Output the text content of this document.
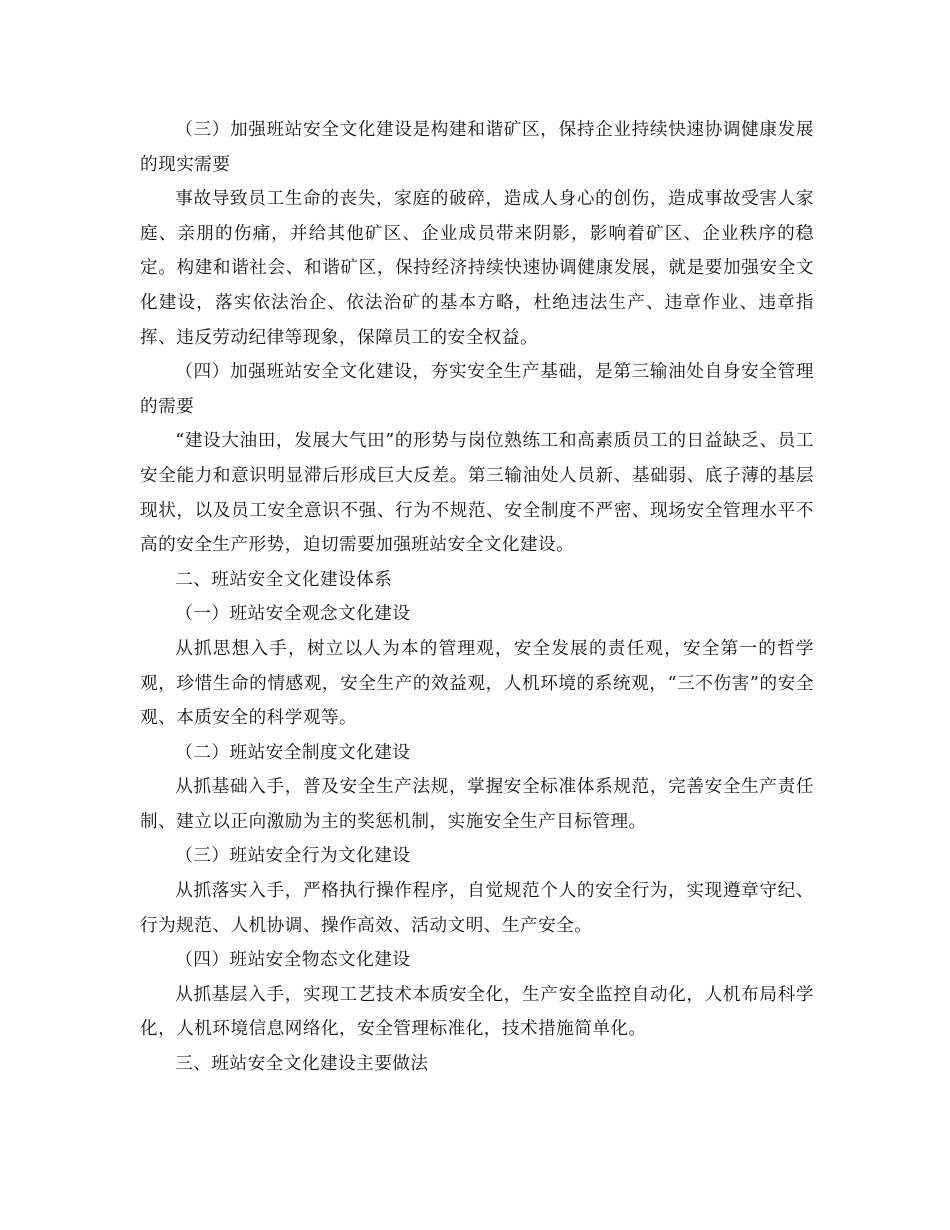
（三）加强班站安全文化建设是构建和谐矿区，保持企业持续快速协调健康发展的现实需要

事故导致员工生命的丧失，家庭的破碎，造成人身心的创伤，造成事故受害人家庭、亲朋的伤痛，并给其他矿区、企业成员带来阴影，影响着矿区、企业秩序的稳定。构建和谐社会、和谐矿区，保持经济持续快速协调健康发展，就是要加强安全文化建设，落实依法治企、依法治矿的基本方略，杜绝违法生产、违章作业、违章指挥、违反劳动纪律等现象，保障员工的安全权益。

（四）加强班站安全文化建设，夯实安全生产基础，是第三输油处自身安全管理的需要

“建设大油田，发展大气田”的形势与岗位熟练工和高素质员工的日益缺乏、员工安全能力和意识明显滞后形成巨大反差。第三输油处人员新、基础弱、底子薄的基层现状，以及员工安全意识不强、行为不规范、安全制度不严密、现场安全管理水平不高的安全生产形势，迫切需要加强班站安全文化建设。

二、班站安全文化建设体系

（一）班站安全观念文化建设

从抓思想入手，树立以人为本的管理观，安全发展的责任观，安全第一的哲学观，珍惜生命的情感观，安全生产的效益观，人机环境的系统观，“三不伤害”的安全观、本质安全的科学观等。

（二）班站安全制度文化建设

从抓基础入手，普及安全生产法规，掌握安全标准体系规范，完善安全生产责任制、建立以正向激励为主的奖惩机制，实施安全生产目标管理。

（三）班站安全行为文化建设

从抓落实入手，严格执行操作程序，自觉规范个人的安全行为，实现遵章守纪、行为规范、人机协调、操作高效、活动文明、生产安全。

（四）班站安全物态文化建设

从抓基层入手，实现工艺技术本质安全化，生产安全监控自动化，人机布局科学化，人机环境信息网络化，安全管理标准化，技术措施简单化。

三、班站安全文化建设主要做法
